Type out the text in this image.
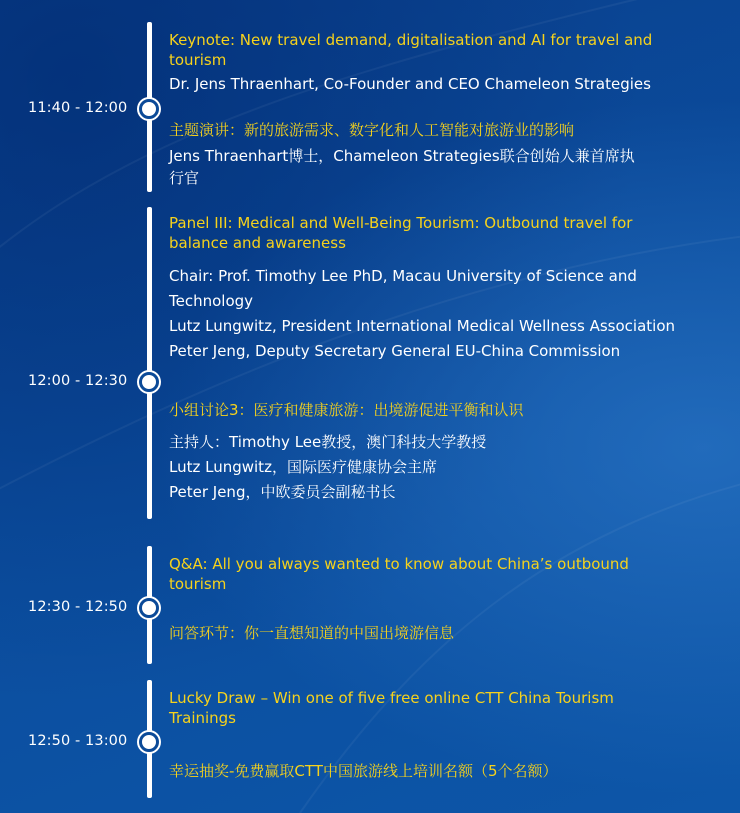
11:40 - 12:00
12:00 - 12:30
12:30 - 12:50
12:50 - 13:00
Keynote: New travel demand, digitalisation and AI for travel and
tourism
Dr. Jens Thraenhart, Co-Founder and CEO Chameleon Strategies
主题演讲：新的旅游需求、数字化和人工智能对旅游业的影响
Jens Thraenhart博士，Chameleon Strategies联合创始人兼首席执
行官
Panel III: Medical and Well-Being Tourism: Outbound travel for
balance and awareness
Chair: Prof. Timothy Lee PhD, Macau University of Science and
Technology
Lutz Lungwitz, President International Medical Wellness Association
Peter Jeng, Deputy Secretary General EU-China Commission
小组讨论3：医疗和健康旅游：出境游促进平衡和认识
主持人：Timothy Lee教授，澳门科技大学教授
Lutz Lungwitz，国际医疗健康协会主席
Peter Jeng，中欧委员会副秘书长
Q&A: All you always wanted to know about China’s outbound
tourism
问答环节：你一直想知道的中国出境游信息
Lucky Draw – Win one of five free online CTT China Tourism
Trainings
幸运抽奖-免费赢取CTT中国旅游线上培训名额（5个名额）
